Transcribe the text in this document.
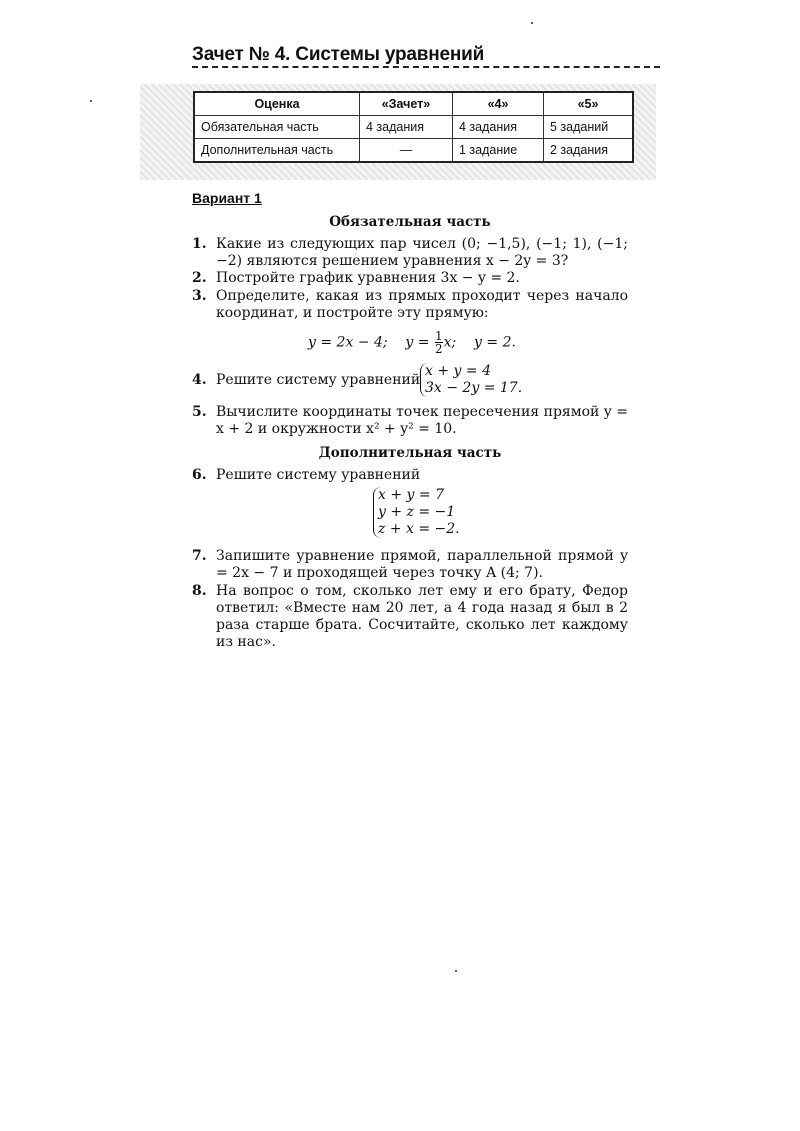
Зачет № 4. Системы уравнений
Оценка	«Зачет»	«4»	«5»
Обязательная часть	4 задания	4 задания	5 заданий
Дополнительная часть	—	1 задание	2 задания
Вариант 1
Обязательная часть
1. Какие из следующих пар чисел (0; −1,5), (−1; 1), (−1; −2) являются решением уравнения x − 2y = 3?
2. Постройте график уравнения 3x − y = 2.
3. Определите, какая из прямых проходит через начало координат, и постройте эту прямую:
y = 2x − 4; $y = \frac{1}{2} x$; y = 2.
4. Решите систему уравнений
x + y = 4
3x − 2y = 17.
5. Вычислите координаты точек пересечения прямой y = x + 2 и окружности x² + y² = 10.
Дополнительная часть
6. Решите систему уравнений
x + y = 7
y + z = −1
z + x = −2.
7. Запишите уравнение прямой, параллельной прямой y = 2x − 7 и проходящей через точку A (4; 7).
8. На вопрос о том, сколько лет ему и его брату, Федор ответил: «Вместе нам 20 лет, а 4 года назад я был в 2 раза старше брата. Сосчитайте, сколько лет каждому из нас».
